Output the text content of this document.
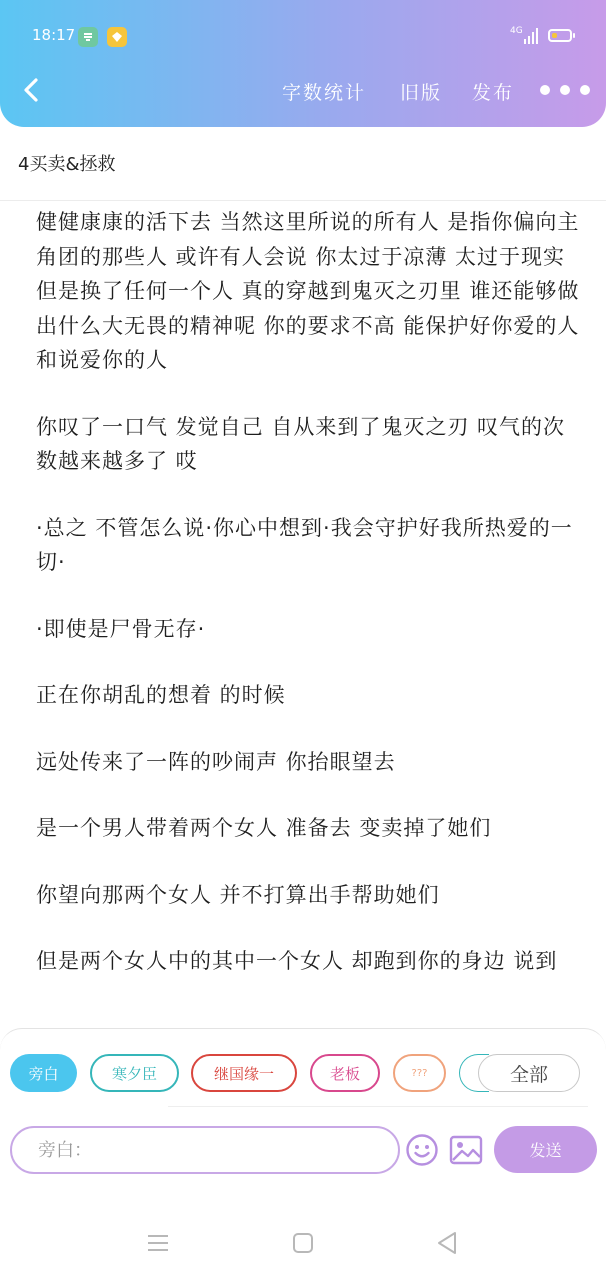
18:17	4G
字数统计 旧版 发布
4买卖&拯救

健健康康的活下去 当然这里所说的所有人 是指你偏向主角团的那些人 或许有人会说 你太过于凉薄 太过于现实 但是换了任何一个人 真的穿越到鬼灭之刃里 谁还能够做出什么大无畏的精神呢 你的要求不高 能保护好你爱的人 和说爱你的人

你叹了一口气 发觉自己 自从来到了鬼灭之刃 叹气的次数越来越多了 哎

·总之 不管怎么说·你心中想到·我会守护好我所热爱的一切·

·即使是尸骨无存·

正在你胡乱的想着 的时候

远处传来了一阵的吵闹声 你抬眼望去

是一个男人带着两个女人 准备去 变卖掉了她们

你望向那两个女人 并不打算出手帮助她们

但是两个女人中的其中一个女人 却跑到你的身边 说到

旁白	寒夕臣	继国缘一	老板	???	全部
旁白：
发送
